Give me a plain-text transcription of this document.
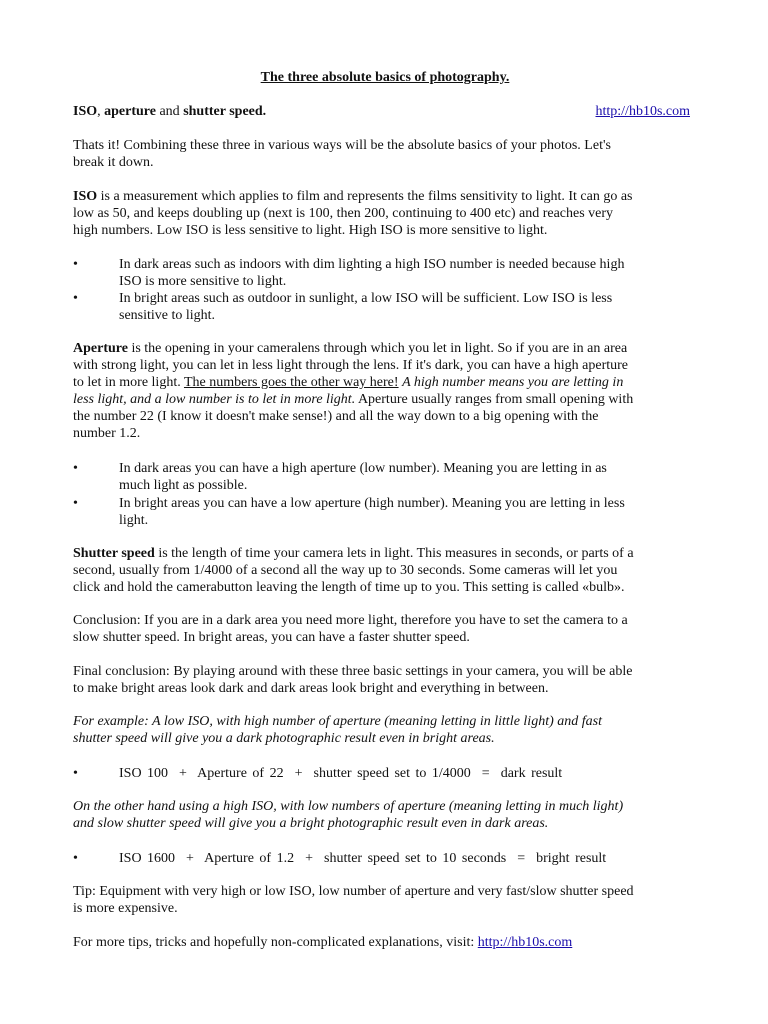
The three absolute basics of photography.
ISO, aperture and shutter speed.	http://hb10s.com
Thats it! Combining these three in various ways will be the absolute basics of your photos. Let's
break it down.
ISO is a measurement which applies to film and represents the films sensitivity to light. It can go as
low as 50, and keeps doubling up (next is 100, then 200, continuing to 400 etc) and reaches very
high numbers. Low ISO is less sensitive to light. High ISO is more sensitive to light.
•	In dark areas such as indoors with dim lighting a high ISO number is needed because high
ISO is more sensitive to light.
•	In bright areas such as outdoor in sunlight, a low ISO will be sufficient. Low ISO is less
sensitive to light.
Aperture is the opening in your cameralens through which you let in light. So if you are in an area
with strong light, you can let in less light through the lens. If it's dark, you can have a high aperture
to let in more light. The numbers goes the other way here! A high number means you are letting in
less light, and a low number is to let in more light. Aperture usually ranges from small opening with
the number 22 (I know it doesn't make sense!) and all the way down to a big opening with the
number 1.2.
•	In dark areas you can have a high aperture (low number). Meaning you are letting in as
much light as possible.
•	In bright areas you can have a low aperture (high number). Meaning you are letting in less
light.
Shutter speed is the length of time your camera lets in light. This measures in seconds, or parts of a
second, usually from 1/4000 of a second all the way up to 30 seconds. Some cameras will let you
click and hold the camerabutton leaving the length of time up to you. This setting is called «bulb».
Conclusion: If you are in a dark area you need more light, therefore you have to set the camera to a
slow shutter speed. In bright areas, you can have a faster shutter speed.
Final conclusion: By playing around with these three basic settings in your camera, you will be able
to make bright areas look dark and dark areas look bright and everything in between.
For example: A low ISO, with high number of aperture (meaning letting in little light) and fast
shutter speed will give you a dark photographic result even in bright areas.
•	ISO 100  +  Aperture of 22  +  shutter speed set to 1/4000  =  dark result
On the other hand using a high ISO, with low numbers of aperture (meaning letting in much light)
and slow shutter speed will give you a bright photographic result even in dark areas.
•	ISO 1600  +  Aperture of 1.2  +  shutter speed set to 10 seconds  =  bright result
Tip: Equipment with very high or low ISO, low number of aperture and very fast/slow shutter speed
is more expensive.
For more tips, tricks and hopefully non-complicated explanations, visit: http://hb10s.com
